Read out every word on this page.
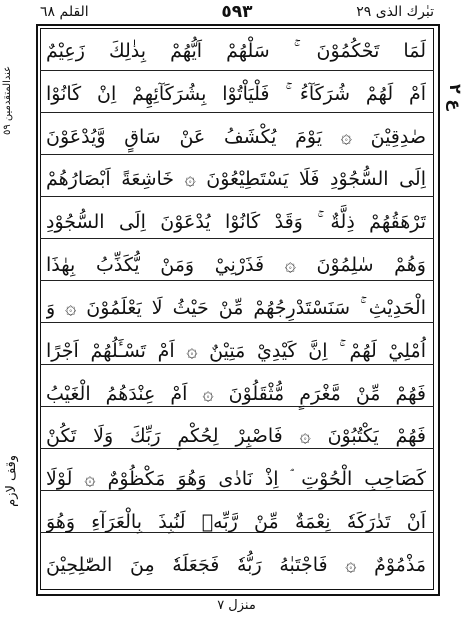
القلم ٦٨	٥٩٣	تبٰرك الذى ٢٩
عندالمتقدمين ٥٩	ع ٢
وقف لازم
لَمَا تَحْكُمُوْنَ ۚ سَلْهُمْ اَيُّهُمْ بِذٰلِكَ زَعِيْمٌ
اَمْ لَهُمْ شُرَكَآءُ ۚ فَلْيَاْتُوْا بِشُرَكَآئِهِمْ اِنْ كَانُوْا
صٰدِقِيْنَ ۞ يَوْمَ يُكْشَفُ عَنْ سَاقٍ وَّيُدْعَوْنَ
اِلَى السُّجُوْدِ فَلَا يَسْتَطِيْعُوْنَ ۞ خَاشِعَةً اَبْصَارُهُمْ
تَرْهَقُهُمْ ذِلَّةٌ ۚ وَقَدْ كَانُوْا يُدْعَوْنَ اِلَى السُّجُوْدِ
وَهُمْ سٰلِمُوْنَ ۞ فَذَرْنِيْ وَمَنْ يُّكَذِّبُ بِهٰذَا
الْحَدِيْثِ ۚ سَنَسْتَدْرِجُهُمْ مِّنْ حَيْثُ لَا يَعْلَمُوْنَ ۞ وَ
اُمْلِيْ لَهُمْ ۚ اِنَّ كَيْدِيْ مَتِيْنٌ ۞ اَمْ تَسْـَٔلُهُمْ اَجْرًا
فَهُمْ مِّنْ مَّغْرَمٍ مُّثْقَلُوْنَ ۞ اَمْ عِنْدَهُمُ الْغَيْبُ
فَهُمْ يَكْتُبُوْنَ ۞ فَاصْبِرْ لِحُكْمِ رَبِّكَ وَلَا تَكُنْ
كَصَاحِبِ الْحُوْتِ ۘ اِذْ نَادٰى وَهُوَ مَكْظُوْمٌ ۞ لَوْلَا
اَنْ تَدٰرَكَهٗ نِعْمَةٌ مِّنْ رَّبِّهٖ لَنُبِذَ بِالْعَرَآءِ وَهُوَ
مَذْمُوْمٌ ۞ فَاجْتَبٰهُ رَبُّهٗ فَجَعَلَهٗ مِنَ الصّٰلِحِيْنَ
منزل ٧
